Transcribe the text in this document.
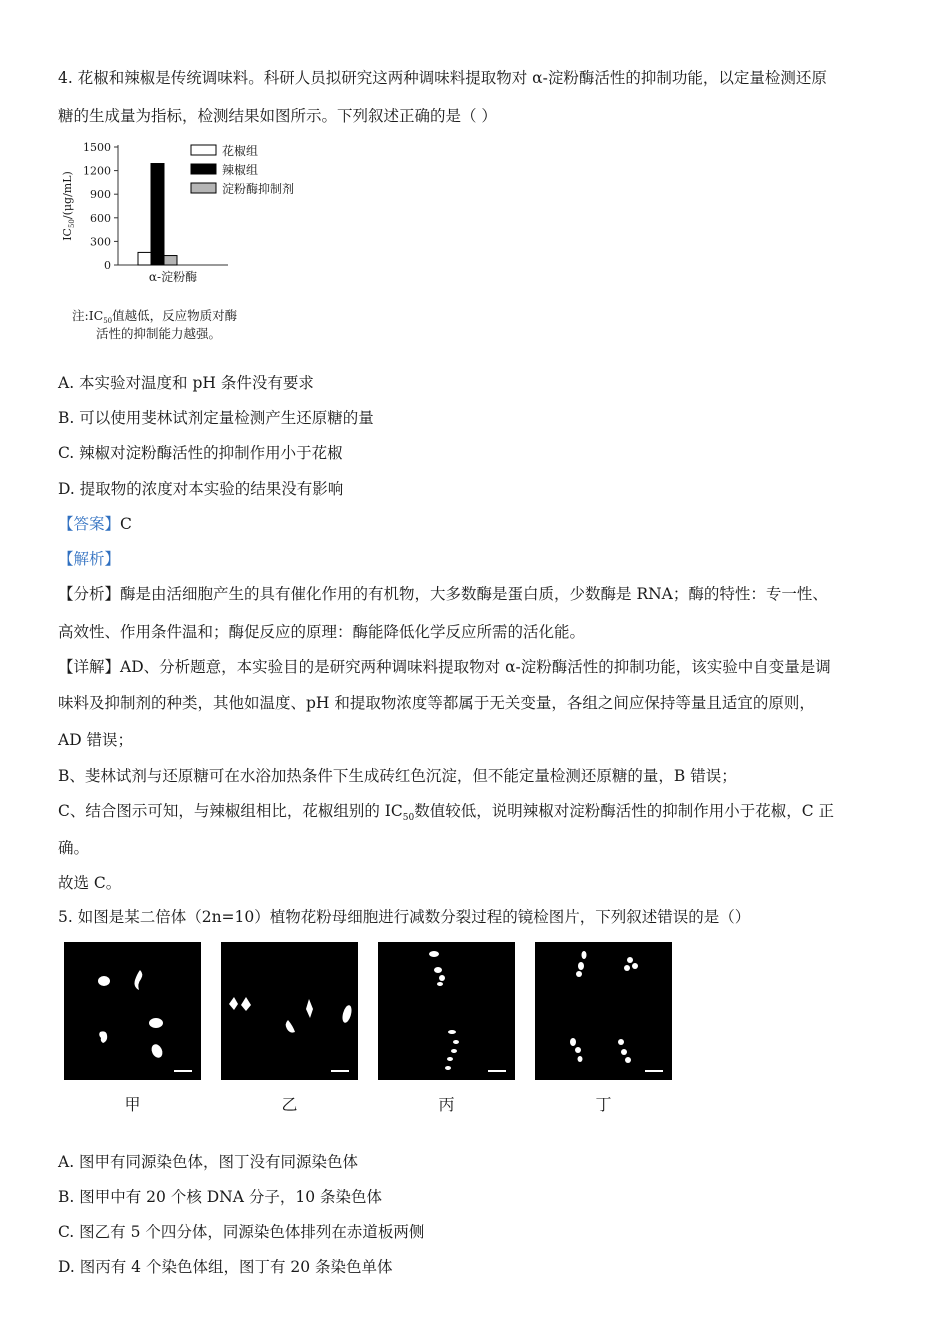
4. 花椒和辣椒是传统调味料。科研人员拟研究这两种调味料提取物对 α-淀粉酶活性的抑制功能，以定量检测还原
糖的生成量为指标，检测结果如图所示。下列叙述正确的是（ ）
0
300
600
900
1200
1500
$IC_{50}/(\mu g/mL)$
α-淀粉酶
花椒组
辣椒组
淀粉酶抑制剂
注$:IC_{50}$值越低，反应物质对酶
活性的抑制能力越强。
A. 本实验对温度和 pH 条件没有要求
B. 可以使用斐林试剂定量检测产生还原糖的量
C. 辣椒对淀粉酶活性的抑制作用小于花椒
D. 提取物的浓度对本实验的结果没有影响
【答案】C
【解析】
【分析】酶是由活细胞产生的具有催化作用的有机物，大多数酶是蛋白质，少数酶是 RNA；酶的特性：专一性、
高效性、作用条件温和；酶促反应的原理：酶能降低化学反应所需的活化能。
【详解】AD、分析题意，本实验目的是研究两种调味料提取物对 α-淀粉酶活性的抑制功能，该实验中自变量是调
味料及抑制剂的种类，其他如温度、pH 和提取物浓度等都属于无关变量，各组之间应保持等量且适宜的原则，
AD 错误；
B、斐林试剂与还原糖可在水浴加热条件下生成砖红色沉淀，但不能定量检测还原糖的量，B 错误；
C、结合图示可知，与辣椒组相比，花椒组别的 $IC_{50}$数值较低，说明辣椒对淀粉酶活性的抑制作用小于花椒，C 正
确。
故选 C。
5. 如图是某二倍体（2n=10）植物花粉母细胞进行减数分裂过程的镜检图片，下列叙述错误的是（）
甲	乙	丙	丁
A. 图甲有同源染色体，图丁没有同源染色体
B. 图甲中有 20 个核 DNA 分子，10 条染色体
C. 图乙有 5 个四分体，同源染色体排列在赤道板两侧
D. 图丙有 4 个染色体组，图丁有 20 条染色单体
